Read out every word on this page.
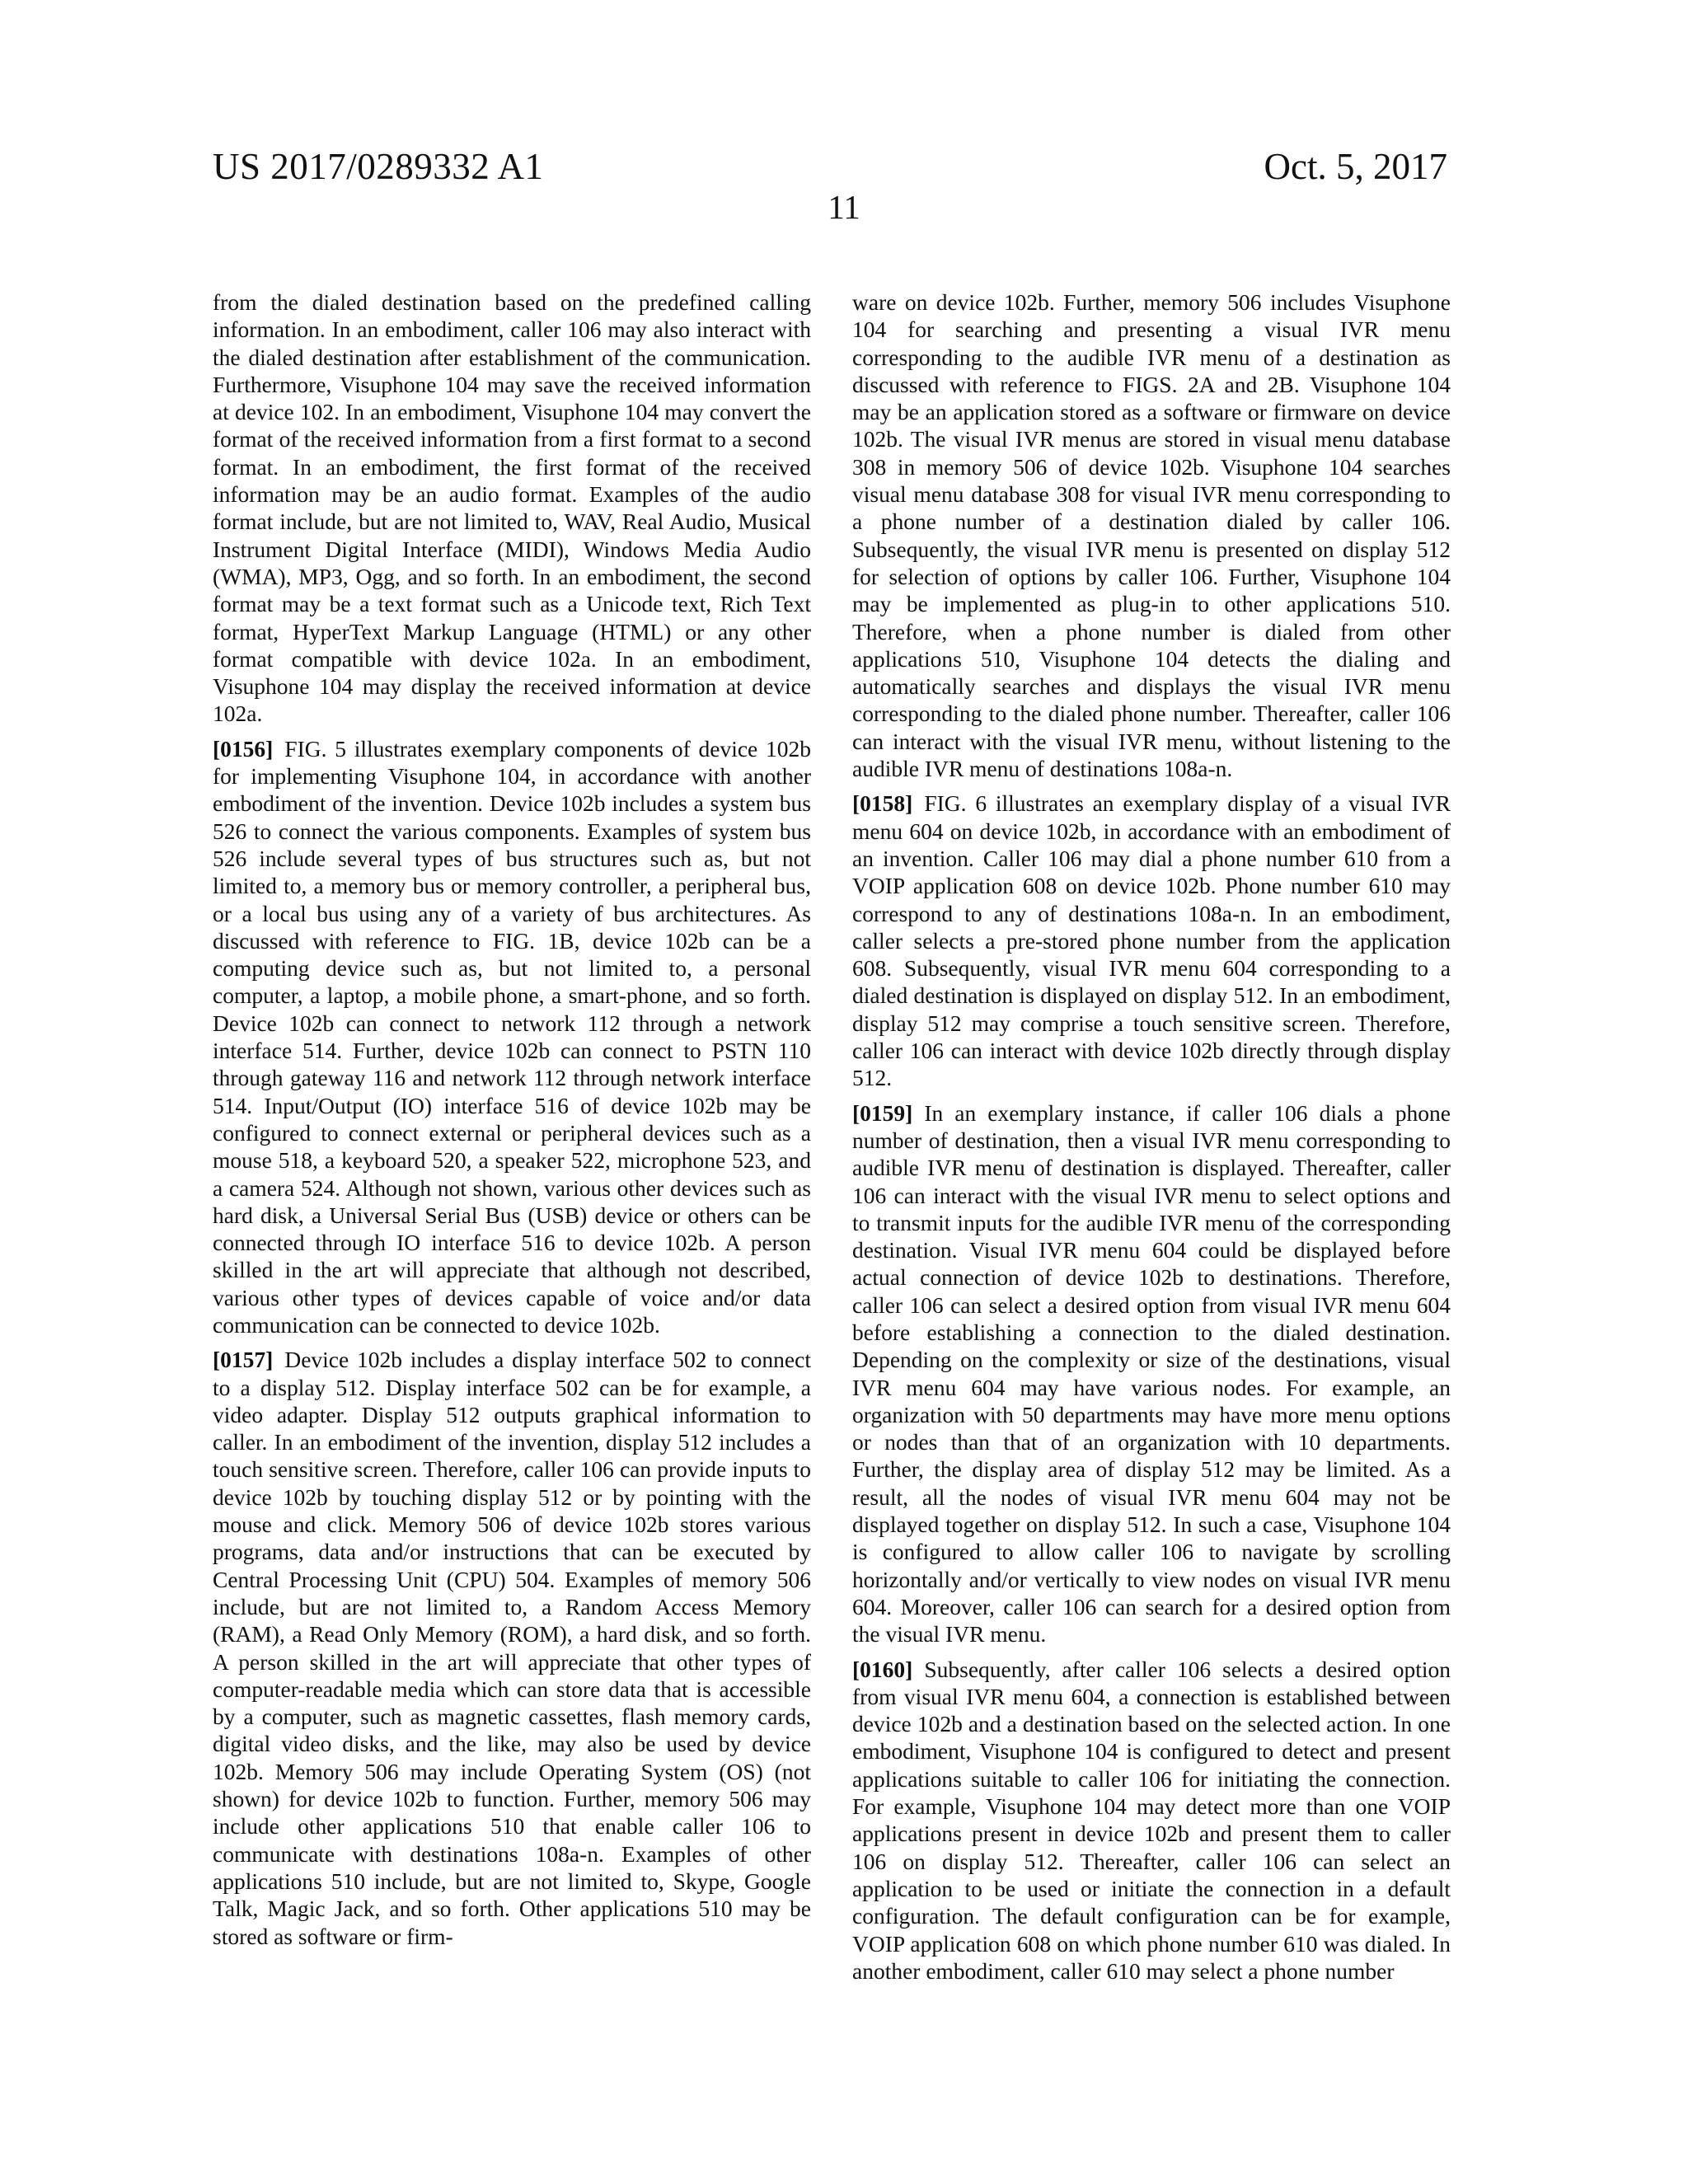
US 2017/0289332 A1	Oct. 5, 2017
11

from the dialed destination based on the predefined calling information. In an embodiment, caller 106 may also interact with the dialed destination after establishment of the communication. Furthermore, Visuphone 104 may save the received information at device 102. In an embodiment, Visuphone 104 may convert the format of the received information from a first format to a second format. In an embodiment, the first format of the received information may be an audio format. Examples of the audio format include, but are not limited to, WAV, Real Audio, Musical Instrument Digital Interface (MIDI), Windows Media Audio (WMA), MP3, Ogg, and so forth. In an embodiment, the second format may be a text format such as a Unicode text, Rich Text format, HyperText Markup Language (HTML) or any other format compatible with device 102a. In an embodiment, Visuphone 104 may display the received information at device 102a.

[0156] FIG. 5 illustrates exemplary components of device 102b for implementing Visuphone 104, in accordance with another embodiment of the invention. Device 102b includes a system bus 526 to connect the various components. Examples of system bus 526 include several types of bus structures such as, but not limited to, a memory bus or memory controller, a peripheral bus, or a local bus using any of a variety of bus architectures. As discussed with reference to FIG. 1B, device 102b can be a computing device such as, but not limited to, a personal computer, a laptop, a mobile phone, a smart-phone, and so forth. Device 102b can connect to network 112 through a network interface 514. Further, device 102b can connect to PSTN 110 through gateway 116 and network 112 through network interface 514. Input/Output (IO) interface 516 of device 102b may be configured to connect external or peripheral devices such as a mouse 518, a keyboard 520, a speaker 522, microphone 523, and a camera 524. Although not shown, various other devices such as hard disk, a Universal Serial Bus (USB) device or others can be connected through IO interface 516 to device 102b. A person skilled in the art will appreciate that although not described, various other types of devices capable of voice and/or data communication can be connected to device 102b.

[0157] Device 102b includes a display interface 502 to connect to a display 512. Display interface 502 can be for example, a video adapter. Display 512 outputs graphical information to caller. In an embodiment of the invention, display 512 includes a touch sensitive screen. Therefore, caller 106 can provide inputs to device 102b by touching display 512 or by pointing with the mouse and click. Memory 506 of device 102b stores various programs, data and/or instructions that can be executed by Central Processing Unit (CPU) 504. Examples of memory 506 include, but are not limited to, a Random Access Memory (RAM), a Read Only Memory (ROM), a hard disk, and so forth. A person skilled in the art will appreciate that other types of computer-readable media which can store data that is accessible by a computer, such as magnetic cassettes, flash memory cards, digital video disks, and the like, may also be used by device 102b. Memory 506 may include Operating System (OS) (not shown) for device 102b to function. Further, memory 506 may include other applications 510 that enable caller 106 to communicate with destinations 108a-n. Examples of other applications 510 include, but are not limited to, Skype, Google Talk, Magic Jack, and so forth. Other applications 510 may be stored as software or firm-

ware on device 102b. Further, memory 506 includes Visuphone 104 for searching and presenting a visual IVR menu corresponding to the audible IVR menu of a destination as discussed with reference to FIGS. 2A and 2B. Visuphone 104 may be an application stored as a software or firmware on device 102b. The visual IVR menus are stored in visual menu database 308 in memory 506 of device 102b. Visuphone 104 searches visual menu database 308 for visual IVR menu corresponding to a phone number of a destination dialed by caller 106. Subsequently, the visual IVR menu is presented on display 512 for selection of options by caller 106. Further, Visuphone 104 may be implemented as plug-in to other applications 510. Therefore, when a phone number is dialed from other applications 510, Visuphone 104 detects the dialing and automatically searches and displays the visual IVR menu corresponding to the dialed phone number. Thereafter, caller 106 can interact with the visual IVR menu, without listening to the audible IVR menu of destinations 108a-n.

[0158] FIG. 6 illustrates an exemplary display of a visual IVR menu 604 on device 102b, in accordance with an embodiment of an invention. Caller 106 may dial a phone number 610 from a VOIP application 608 on device 102b. Phone number 610 may correspond to any of destinations 108a-n. In an embodiment, caller selects a pre-stored phone number from the application 608. Subsequently, visual IVR menu 604 corresponding to a dialed destination is displayed on display 512. In an embodiment, display 512 may comprise a touch sensitive screen. Therefore, caller 106 can interact with device 102b directly through display 512.

[0159] In an exemplary instance, if caller 106 dials a phone number of destination, then a visual IVR menu corresponding to audible IVR menu of destination is displayed. Thereafter, caller 106 can interact with the visual IVR menu to select options and to transmit inputs for the audible IVR menu of the corresponding destination. Visual IVR menu 604 could be displayed before actual connection of device 102b to destinations. Therefore, caller 106 can select a desired option from visual IVR menu 604 before establishing a connection to the dialed destination. Depending on the complexity or size of the destinations, visual IVR menu 604 may have various nodes. For example, an organization with 50 departments may have more menu options or nodes than that of an organization with 10 departments. Further, the display area of display 512 may be limited. As a result, all the nodes of visual IVR menu 604 may not be displayed together on display 512. In such a case, Visuphone 104 is configured to allow caller 106 to navigate by scrolling horizontally and/or vertically to view nodes on visual IVR menu 604. Moreover, caller 106 can search for a desired option from the visual IVR menu.

[0160] Subsequently, after caller 106 selects a desired option from visual IVR menu 604, a connection is established between device 102b and a destination based on the selected action. In one embodiment, Visuphone 104 is configured to detect and present applications suitable to caller 106 for initiating the connection. For example, Visuphone 104 may detect more than one VOIP applications present in device 102b and present them to caller 106 on display 512. Thereafter, caller 106 can select an application to be used or initiate the connection in a default configuration. The default configuration can be for example, VOIP application 608 on which phone number 610 was dialed. In another embodiment, caller 610 may select a phone number
